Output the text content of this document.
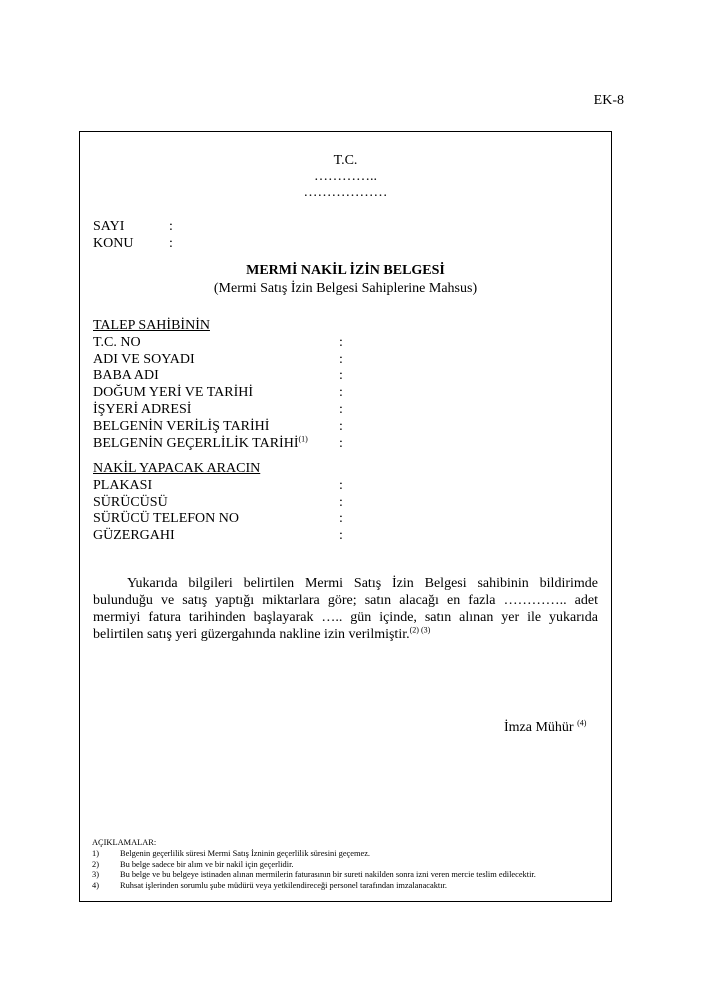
EK-8
T.C.
…………..
………………
SAYI	:
KONU	:
MERMİ NAKİL İZİN BELGESİ
(Mermi Satış İzin Belgesi Sahiplerine Mahsus)
TALEP SAHİBİNİN
T.C. NO	:
ADI VE SOYADI	:
BABA ADI	:
DOĞUM YERİ VE TARİHİ	:
İŞYERİ ADRESİ	:
BELGENİN VERİLİŞ TARİHİ	:
BELGENİN GEÇERLİLİK TARİHİ$^{(1)}$	:
NAKİL YAPACAK ARACIN
PLAKASI	:
SÜRÜCÜSÜ	:
SÜRÜCÜ TELEFON NO	:
GÜZERGAHI	:
Yukarıda bilgileri belirtilen Mermi Satış İzin Belgesi sahibinin bildirimde bulunduğu ve satış yaptığı miktarlara göre; satın alacağı en fazla ………….. adet mermiyi fatura tarihinden başlayarak ….. gün içinde, satın alınan yer ile yukarıda belirtilen satış yeri güzergahında nakline izin verilmiştir.$^{(2) (3)}$
İmza Mühür $^{(4)}$
AÇIKLAMALAR:
1)	Belgenin geçerlilik süresi Mermi Satış İzninin geçerlilik süresini geçemez.
2)	Bu belge sadece bir alım ve bir nakil için geçerlidir.
3)	Bu belge ve bu belgeye istinaden alınan mermilerin faturasının bir sureti nakilden sonra izni veren mercie teslim edilecektir.
4)	Ruhsat işlerinden sorumlu şube müdürü veya yetkilendireceği personel tarafından imzalanacaktır.
